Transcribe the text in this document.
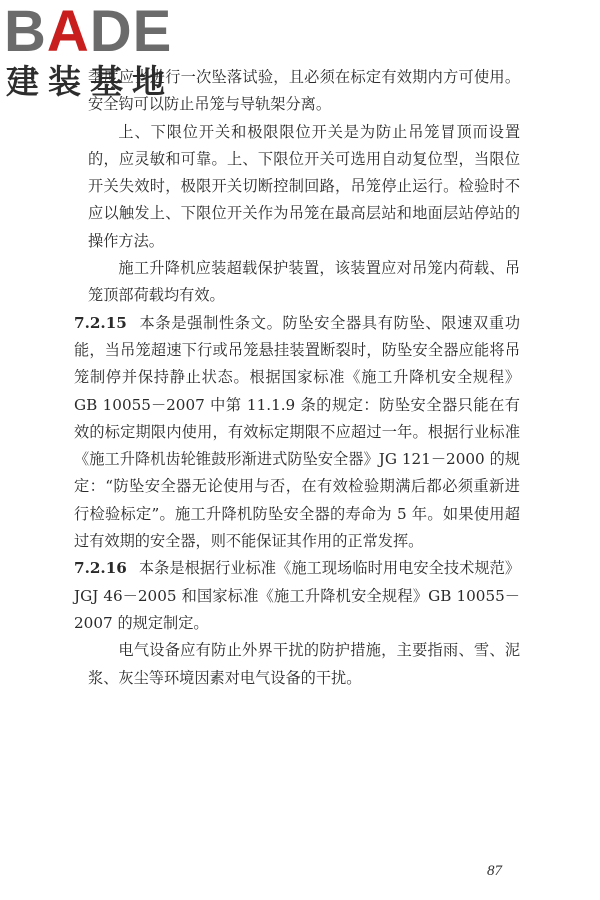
BADE
建装基地

季度应当进行一次坠落试验，且必须在标定有效期内方可使用。安全钩可以防止吊笼与导轨架分离。

上、下限位开关和极限限位开关是为防止吊笼冒顶而设置的，应灵敏和可靠。上、下限位开关可选用自动复位型，当限位开关失效时，极限开关切断控制回路，吊笼停止运行。检验时不应以触发上、下限位开关作为吊笼在最高层站和地面层站停站的操作方法。

施工升降机应装超载保护装置，该装置应对吊笼内荷载、吊笼顶部荷载均有效。

7.2.15 本条是强制性条文。防坠安全器具有防坠、限速双重功能，当吊笼超速下行或吊笼悬挂装置断裂时，防坠安全器应能将吊笼制停并保持静止状态。根据国家标准《施工升降机安全规程》GB 10055－2007 中第 11.1.9 条的规定：防坠安全器只能在有效的标定期限内使用，有效标定期限不应超过一年。根据行业标准《施工升降机齿轮锥鼓形渐进式防坠安全器》JG 121－2000 的规定：“防坠安全器无论使用与否，在有效检验期满后都必须重新进行检验标定”。施工升降机防坠安全器的寿命为 5 年。如果使用超过有效期的安全器，则不能保证其作用的正常发挥。

7.2.16 本条是根据行业标准《施工现场临时用电安全技术规范》JGJ 46－2005 和国家标准《施工升降机安全规程》GB 10055－2007 的规定制定。

电气设备应有防止外界干扰的防护措施，主要指雨、雪、泥浆、灰尘等环境因素对电气设备的干扰。

87
